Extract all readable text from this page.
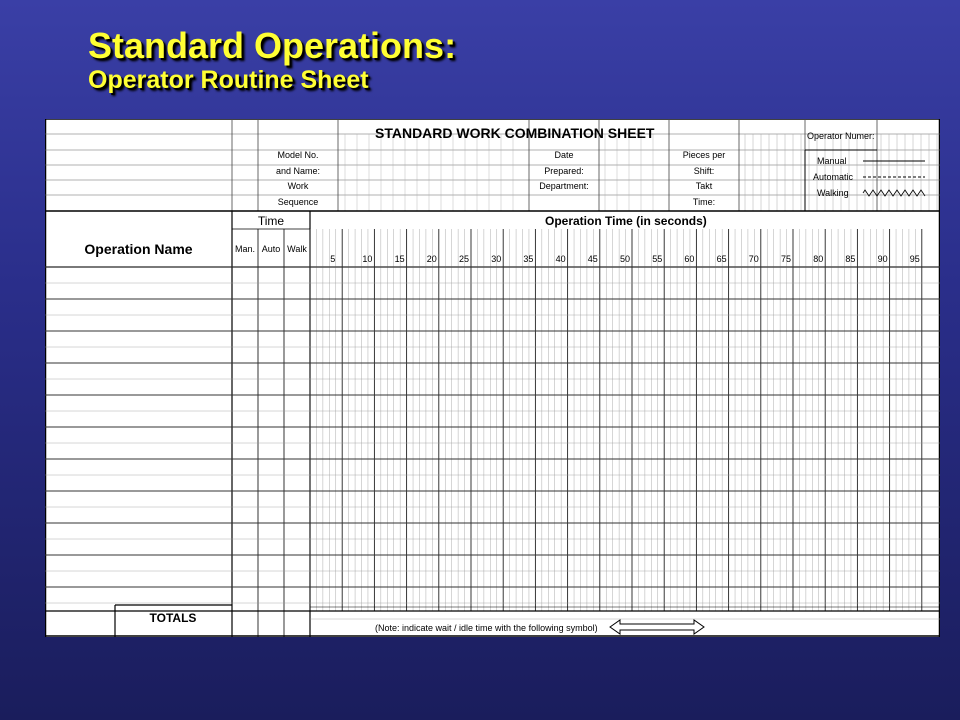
Standard Operations:
Operator Routine Sheet
STANDARD WORK COMBINATION SHEET	Operator Numer:
Model No.
and Name:
Work
Sequence
Date
Prepared:
Department:
Pieces per
Shift:
Takt
Time:
Manual
Automatic
Walking
Time
Operation Name	Man. Auto Walk
Operation Time (in seconds)
5	10 15 20 25 30 35 40 45 50 55 60 65 70 75 80 85 90 95
TOTALS
(Note: indicate wait / idle time with the following symbol)
